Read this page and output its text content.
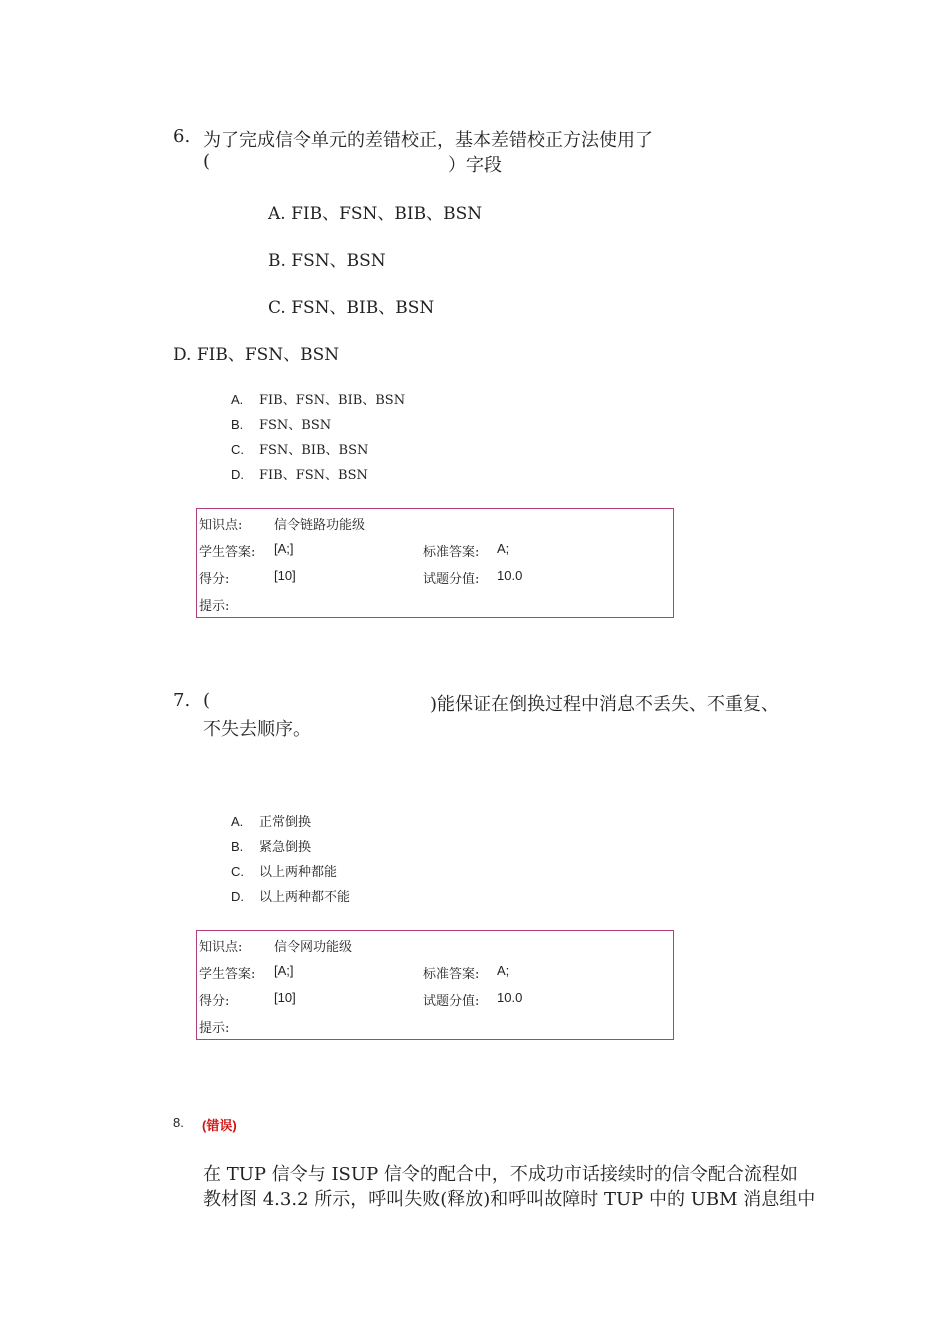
6. 为了完成信令单元的差错校正，基本差错校正方法使用了
(	）字段
A. FIB、FSN、BIB、BSN
B. FSN、BSN
C. FSN、BIB、BSN
D. FIB、FSN、BSN
A. FIB、FSN、BIB、BSN
B. FSN、BSN
C. FSN、BIB、BSN
D. FIB、FSN、BSN
知识点: 信令链路功能级
学生答案: [A;]	标准答案: A;
得分:	[10]	试题分值: 10.0
提示:
7. (	)能保证在倒换过程中消息不丢失、不重复、
不失去顺序。
A. 正常倒换
B. 紧急倒换
C. 以上两种都能
D. 以上两种都不能
知识点: 信令网功能级
学生答案: [A;]	标准答案: A;
得分:	[10]	试题分值: 10.0
提示:
8. (错误)
在 TUP 信令与 ISUP 信令的配合中，不成功市话接续时的信令配合流程如
教材图 4.3.2 所示，呼叫失败(释放)和呼叫故障时 TUP 中的 UBM 消息组中
